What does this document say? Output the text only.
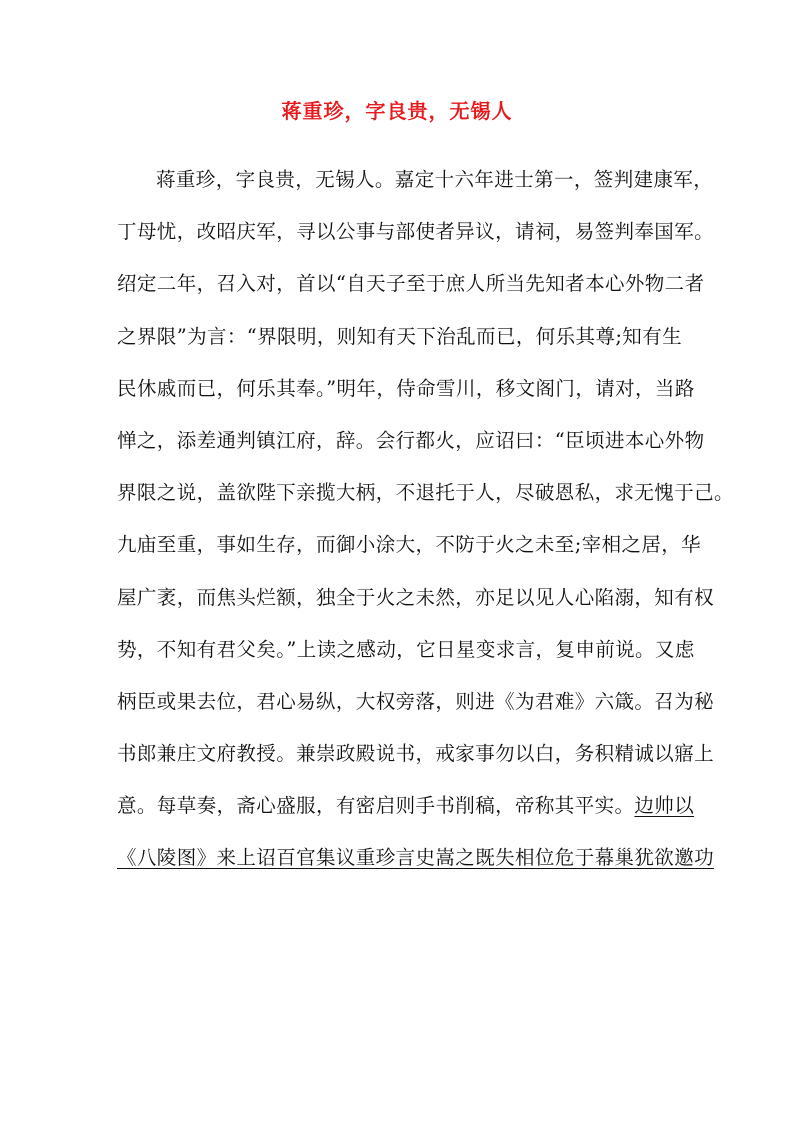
蒋重珍，字良贵，无锡人
蒋重珍，字良贵，无锡人。嘉定十六年进士第一，签判建康军，
丁母忧，改昭庆军，寻以公事与部使者异议，请祠，易签判奉国军。
绍定二年，召入对，首以“自天子至于庶人所当先知者本心外物二者
之界限”为言：“界限明，则知有天下治乱而已，何乐其尊;知有生
民休戚而已，何乐其奉。”明年，侍命雪川，移文阁门，请对，当路
惮之，添差通判镇江府，辞。会行都火，应诏曰：“臣顷进本心外物
界限之说，盖欲陛下亲揽大柄，不退托于人，尽破恩私，求无愧于己。
九庙至重，事如生存，而御小涂大，不防于火之未至;宰相之居，华
屋广袤，而焦头烂额，独全于火之未然，亦足以见人心陷溺，知有权
势，不知有君父矣。”上读之感动，它日星变求言，复申前说。又虑
柄臣或果去位，君心易纵，大权旁落，则进《为君难》六箴。召为秘
书郎兼庄文府教授。兼崇政殿说书，戒家事勿以白，务积精诚以寤上
意。每草奏，斋心盛服，有密启则手书削稿，帝称其平实。边帅以
《八陵图》来上诏百官集议重珍言史嵩之既失相位危于幕巢犹欲邀功
